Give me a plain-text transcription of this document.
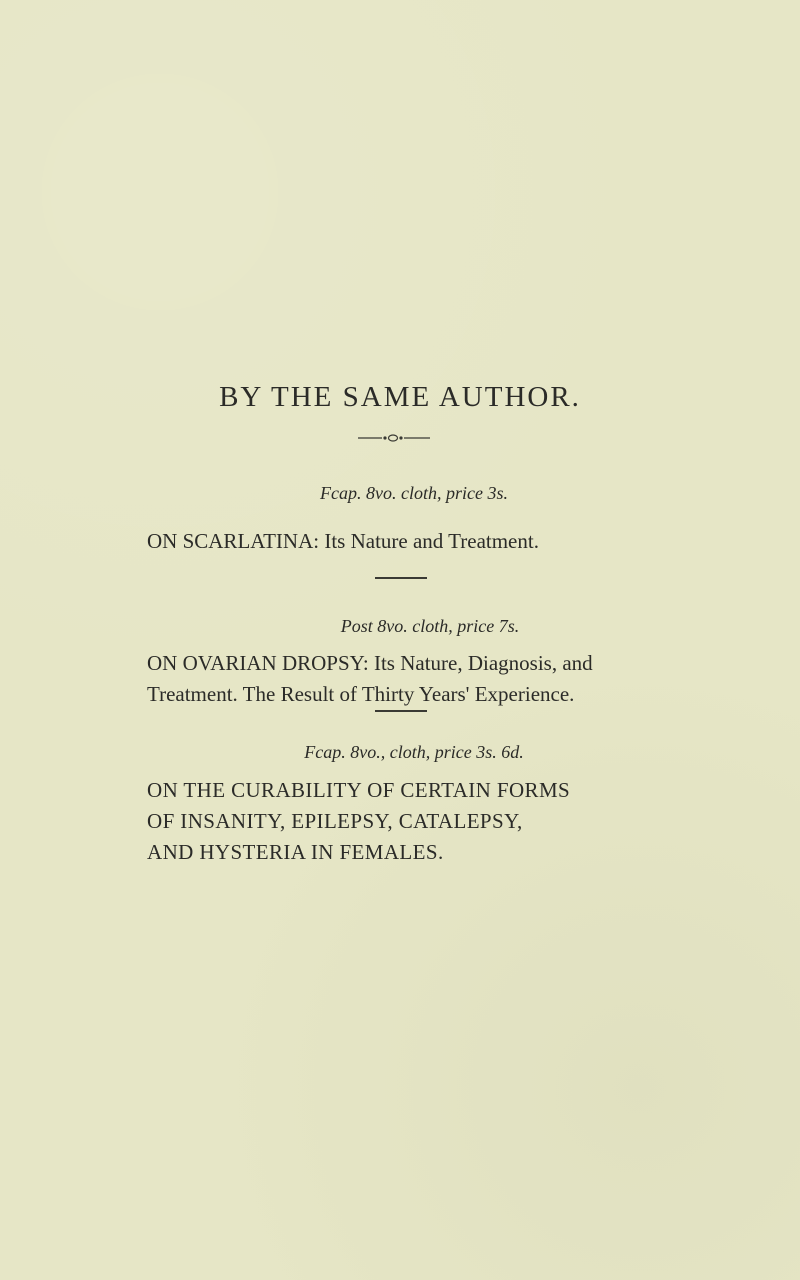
BY THE SAME AUTHOR.
Fcap. 8vo. cloth, price 3s.
ON SCARLATINA: Its Nature and Treatment.
Post 8vo. cloth, price 7s.
ON OVARIAN DROPSY: Its Nature, Diagnosis, and
Treatment. The Result of Thirty Years' Experience.
Fcap. 8vo., cloth, price 3s. 6d.
ON THE CURABILITY OF CERTAIN FORMS
OF INSANITY, EPILEPSY, CATALEPSY,
AND HYSTERIA IN FEMALES.
